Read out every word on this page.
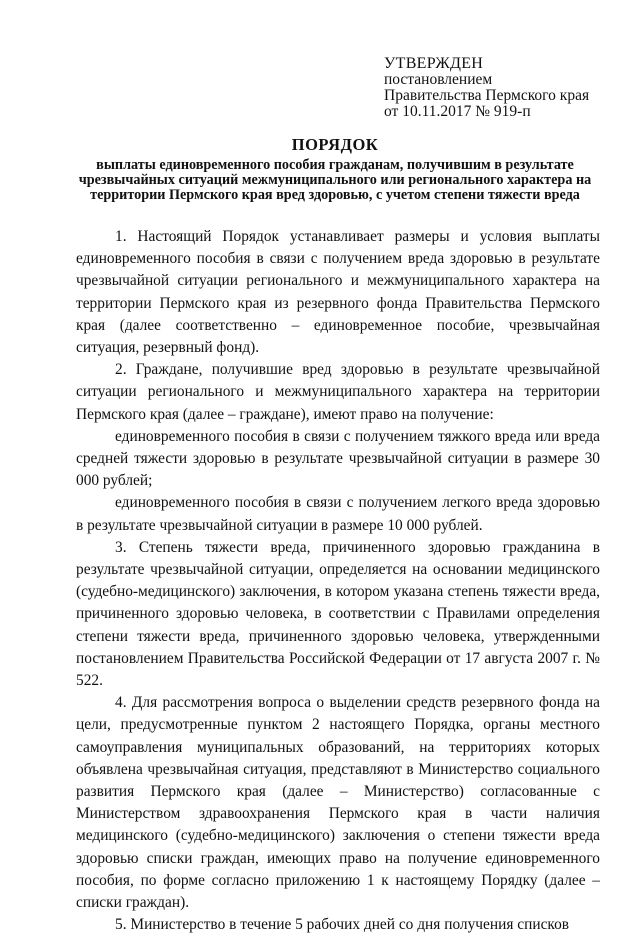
УТВЕРЖДЕН
постановлением
Правительства Пермского края
от 10.11.2017 № 919-п
ПОРЯДОК
выплаты единовременного пособия гражданам, получившим в результате чрезвычайных ситуаций межмуниципального или регионального характера на территории Пермского края вред здоровью, с учетом степени тяжести вреда

1. Настоящий Порядок устанавливает размеры и условия выплаты единовременного пособия в связи с получением вреда здоровью в результате чрезвычайной ситуации регионального и межмуниципального характера на территории Пермского края из резервного фонда Правительства Пермского края (далее соответственно – единовременное пособие, чрезвычайная ситуация, резервный фонд).

2. Граждане, получившие вред здоровью в результате чрезвычайной ситуации регионального и межмуниципального характера на территории Пермского края (далее – граждане), имеют право на получение:

единовременного пособия в связи с получением тяжкого вреда или вреда средней тяжести здоровью в результате чрезвычайной ситуации в размере 30 000 рублей;

единовременного пособия в связи с получением легкого вреда здоровью в результате чрезвычайной ситуации в размере 10 000 рублей.

3. Степень тяжести вреда, причиненного здоровью гражданина в результате чрезвычайной ситуации, определяется на основании медицинского (судебно-медицинского) заключения, в котором указана степень тяжести вреда, причиненного здоровью человека, в соответствии с Правилами определения степени тяжести вреда, причиненного здоровью человека, утвержденными постановлением Правительства Российской Федерации от 17 августа 2007 г. № 522.

4. Для рассмотрения вопроса о выделении средств резервного фонда на цели, предусмотренные пунктом 2 настоящего Порядка, органы местного самоуправления муниципальных образований, на территориях которых объявлена чрезвычайная ситуация, представляют в Министерство социального развития Пермского края (далее – Министерство) согласованные с Министерством здравоохранения Пермского края в части наличия медицинского (судебно-медицинского) заключения о степени тяжести вреда здоровью списки граждан, имеющих право на получение единовременного пособия, по форме согласно приложению 1 к настоящему Порядку (далее – списки граждан).

5. Министерство в течение 5 рабочих дней со дня получения списков
